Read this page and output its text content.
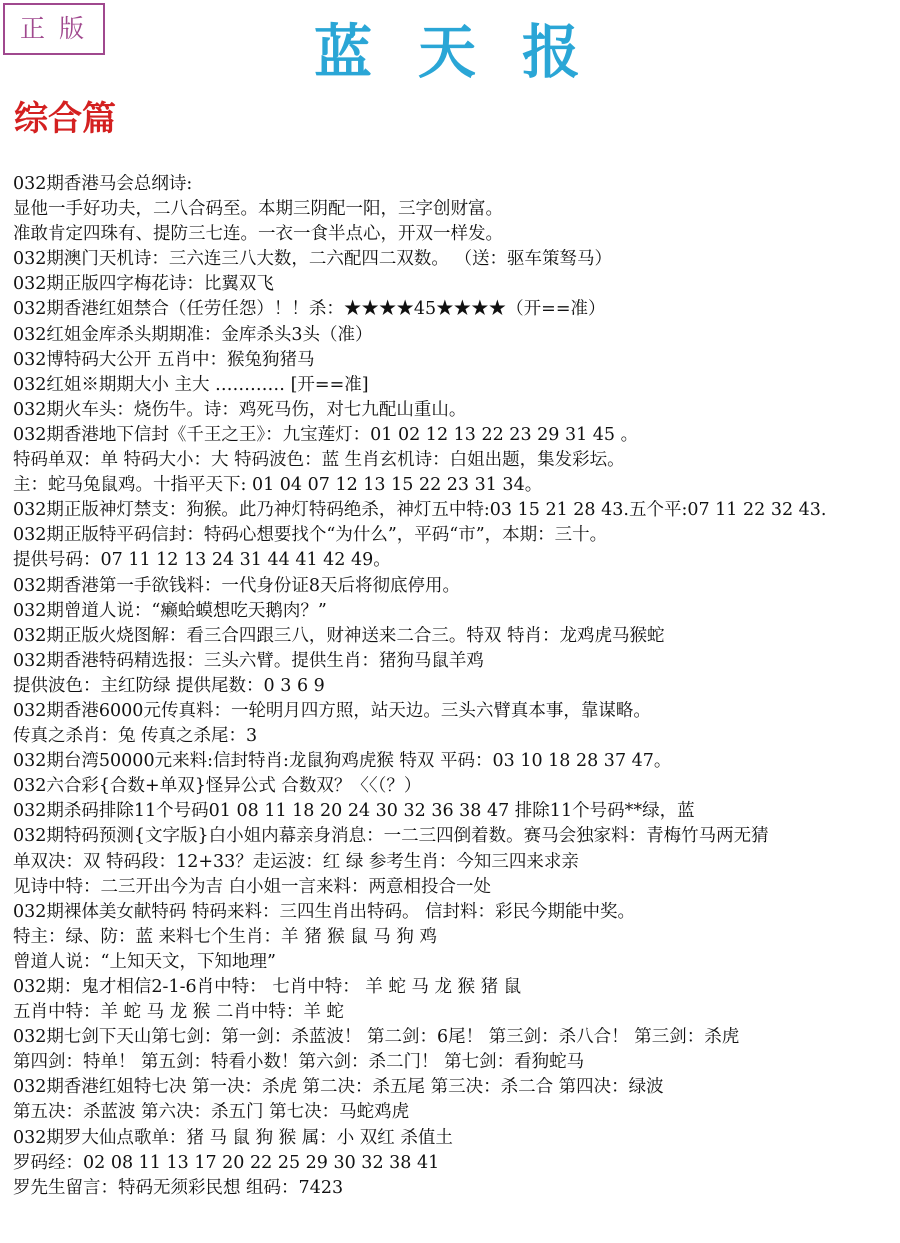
正版	蓝天报
综合篇
032期香港马会总纲诗:
显他一手好功夫，二八合码至。本期三阴配一阳，三字创财富。
准敢肯定四珠有、提防三七连。一衣一食半点心，开双一样发。
032期澳门天机诗：三六连三八大数，二六配四二双数。 （送：驱车策驽马）
032期正版四字梅花诗：比翼双飞
032期香港红姐禁合（任劳任怨）！！杀：★★★★45★★★★（开==准）
032红姐金库杀头期期准：金库杀头3头（准）
032博特码大公开 五肖中：猴兔狗猪马
032红姐※期期大小 主大 ………… [开==准]
032期火车头：烧伤牛。诗：鸡死马伤，对七九配山重山。
032期香港地下信封《千王之王》：九宝莲灯：01 02 12 13 22 23 29 31 45 。
特码单双：单 特码大小：大 特码波色：蓝 生肖玄机诗：白姐出题，集发彩坛。
主：蛇马兔鼠鸡。十指平天下: 01 04 07 12 13 15 22 23 31 34。
032期正版神灯禁支：狗猴。此乃神灯特码绝杀，神灯五中特:03 15 21 28 43.五个平:07 11 22 32 43.
032期正版特平码信封：特码心想要找个“为什么”，平码“市”，本期：三十。
提供号码：07 11 12 13 24 31 44 41 42 49。
032期香港第一手欲钱料：一代身份证8天后将彻底停用。
032期曾道人说：“癞蛤蟆想吃天鹅肉？”
032期正版火烧图解：看三合四跟三八，财神送来二合三。特双 特肖：龙鸡虎马猴蛇
032期香港特码精选报：三头六臂。提供生肖：猪狗马鼠羊鸡
提供波色：主红防绿 提供尾数：0 3 6 9
032期香港6000元传真料：一轮明月四方照，站天边。三头六臂真本事，靠谋略。
传真之杀肖：兔 传真之杀尾：3
032期台湾50000元来料:信封特肖:龙鼠狗鸡虎猴 特双 平码：03 10 18 28 37 47。
032六合彩{合数+单双}怪异公式 合数双？〈〈（？）
032期杀码排除11个号码01 08 11 18 20 24 30 32 36 38 47 排除11个号码**绿，蓝
032期特码预测{文字版}白小姐内幕亲身消息：一二三四倒着数。赛马会独家料：青梅竹马两无猜
单双决：双 特码段：12+33？走运波：红 绿 参考生肖：今知三四来求亲
见诗中特：二三开出今为吉 白小姐一言来料：两意相投合一处
032期裸体美女献特码 特码来料：三四生肖出特码。 信封料：彩民今期能中奖。
特主：绿、防：蓝 来料七个生肖：羊 猪 猴 鼠 马 狗 鸡
曾道人说：“上知天文，下知地理”
032期：鬼才相信2-1-6肖中特： 七肖中特： 羊 蛇 马 龙 猴 猪 鼠
五肖中特：羊 蛇 马 龙 猴 二肖中特：羊 蛇
032期七剑下天山第七剑：第一剑：杀蓝波！ 第二剑：6尾！ 第三剑：杀八合！ 第三剑：杀虎
第四剑：特单！ 第五剑：特看小数！第六剑：杀二门！ 第七剑：看狗蛇马
032期香港红姐特七决 第一决：杀虎 第二决：杀五尾 第三决：杀二合 第四决：绿波
第五决：杀蓝波 第六决：杀五门 第七决：马蛇鸡虎
032期罗大仙点歌单：猪 马 鼠 狗 猴 属：小 双红 杀值土
罗码经：02 08 11 13 17 20 22 25 29 30 32 38 41
罗先生留言：特码无须彩民想 组码：7423
